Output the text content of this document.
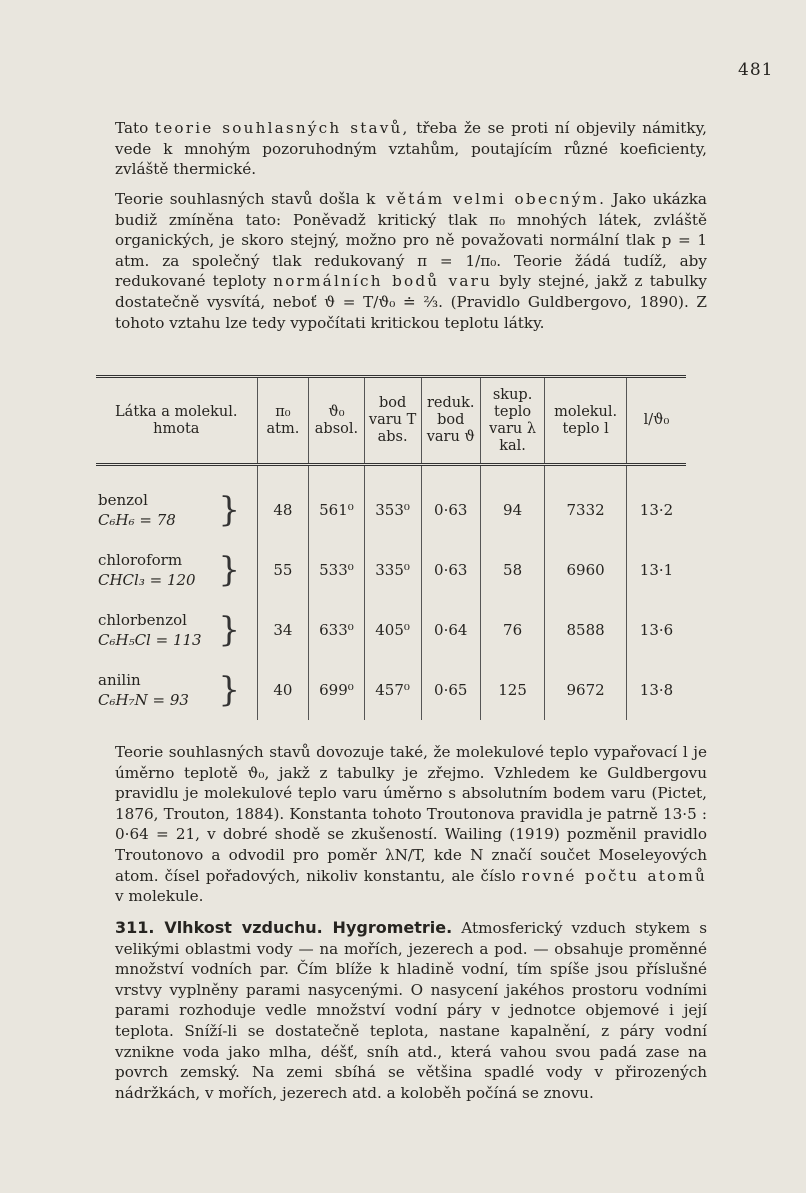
481

Tato teorie souhlasných stavů, třeba že se proti ní objevily námitky, vede k mnohým pozoruhodným vztahům, poutajícím různé koeficienty, zvláště thermické.

Teorie souhlasných stavů došla k větám velmi obecným. Jako ukázka budiž zmíněna tato: Poněvadž kritický tlak π₀ mnohých látek, zvláště organických, je skoro stejný, možno pro ně považovati normální tlak p = 1 atm. za společný tlak redukovaný π = 1/π₀. Teorie žádá tudíž, aby redukované teploty normálních bodů varu byly stejné, jakž z tabulky dostatečně vysvítá, neboť ϑ = T/ϑ₀ ≐ ⅔. (Pravidlo Guldbergovo, 1890). Z tohoto vztahu lze tedy vypočítati kritickou teplotu látky.

Látka a molekul. hmota	π₀ atm.	ϑ₀ absol.	bod varu T abs.	reduk. bod varu ϑ	skup. teplo varu λ kal.	molekul. teplo l	l/ϑ₀

benzol
C₆H₆ = 78 }	48	561⁰	353⁰	0·63	94	7332	13·2

chloroform
CHCl₃ = 120 }	55	533⁰	335⁰	0·63	58	6960	13·1

chlorbenzol
C₆H₅Cl = 113 }	34	633⁰	405⁰	0·64	76	8588	13·6

anilin
C₆H₇N = 93 }	40	699⁰	457⁰	0·65	125	9672	13·8

Teorie souhlasných stavů dovozuje také, že molekulové teplo vypařovací l je úměrno teplotě ϑ₀, jakž z tabulky je zřejmo. Vzhledem ke Guldbergovu pravidlu je molekulové teplo varu úměrno s absolutním bodem varu (Pictet, 1876, Trouton, 1884). Konstanta tohoto Troutonova pravidla je patrně 13·5 : 0·64 = 21, v dobré shodě se zkušeností. Wailing (1919) pozměnil pravidlo Troutonovo a odvodil pro poměr λN/T, kde N značí součet Moseleyových atom. čísel pořadových, nikoliv konstantu, ale číslo rovné počtu atomů v molekule.

311. Vlhkost vzduchu. Hygrometrie. Atmosferický vzduch stykem s velikými oblastmi vody — na mořích, jezerech a pod. — obsahuje proměnné množství vodních par. Čím blíže k hladině vodní, tím spíše jsou příslušné vrstvy vyplněny parami nasycenými. O nasycení jakéhos prostoru vodními parami rozhoduje vedle množství vodní páry v jednotce objemové i její teplota. Sníží-li se dostatečně teplota, nastane kapalnění, z páry vodní vznikne voda jako mlha, déšť, sníh atd., která vahou svou padá zase na povrch zemský. Na zemi sbíhá se většina spadlé vody v přirozených nádržkách, v mořích, jezerech atd. a koloběh počíná se znovu.
